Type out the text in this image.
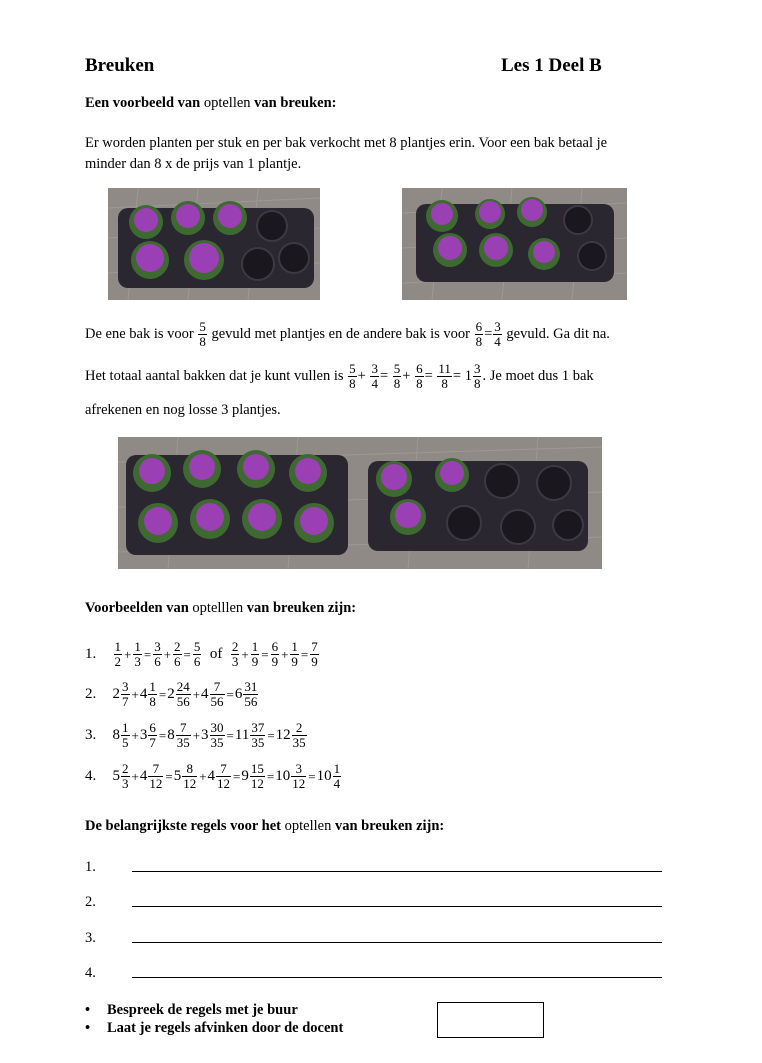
Breuken	Les 1 Deel B
Een voorbeeld van optellen van breuken:
Er worden planten per stuk en per bak verkocht met 8 plantjes erin. Voor een bak betaal je
minder dan 8 x de prijs van 1 plantje.
De ene bak is voor $\frac{5}{8}$ gevuld met plantjes en de andere bak is voor $\frac{6}{8} = \frac{3}{4}$ gevuld. Ga dit na.
Het totaal aantal bakken dat je kunt vullen is $\frac{5}{8} + \frac{3}{4} = \frac{5}{8} + \frac{6}{8} = \frac{11}{8} = 1 \frac{3}{8}$ . Je moet dus 1 bak
afrekenen en nog losse 3 plantjes.
Voorbeelden van optelllen van breuken zijn:
1. $\frac{1}{2} + \frac{1}{3} = \frac{3}{6} + \frac{2}{6} = \frac{5}{6}$ of $\frac{2}{3} + \frac{1}{9} = \frac{6}{9} + \frac{1}{9} = \frac{7}{9}$
2. $2 \frac{3}{7} +4 \frac{1}{8} =2 \frac{24}{56} +4 \frac{7}{56} =6 \frac{31}{56}$
3. $8 \frac{1}{5} +3 \frac{6}{7} =8 \frac{7}{35} +3 \frac{30}{35} =11 \frac{37}{35} =12 \frac{2}{35}$
4. $5 \frac{2}{3} +4 \frac{7}{12} =5 \frac{8}{12} +4 \frac{7}{12} =9 \frac{15}{12} =10 \frac{3}{12} =10 \frac{1}{4}$
De belangrijkste regels voor het optellen van breuken zijn:
1.
2.
3.
4.
• Bespreek de regels met je buur
• Laat je regels afvinken door de docent
